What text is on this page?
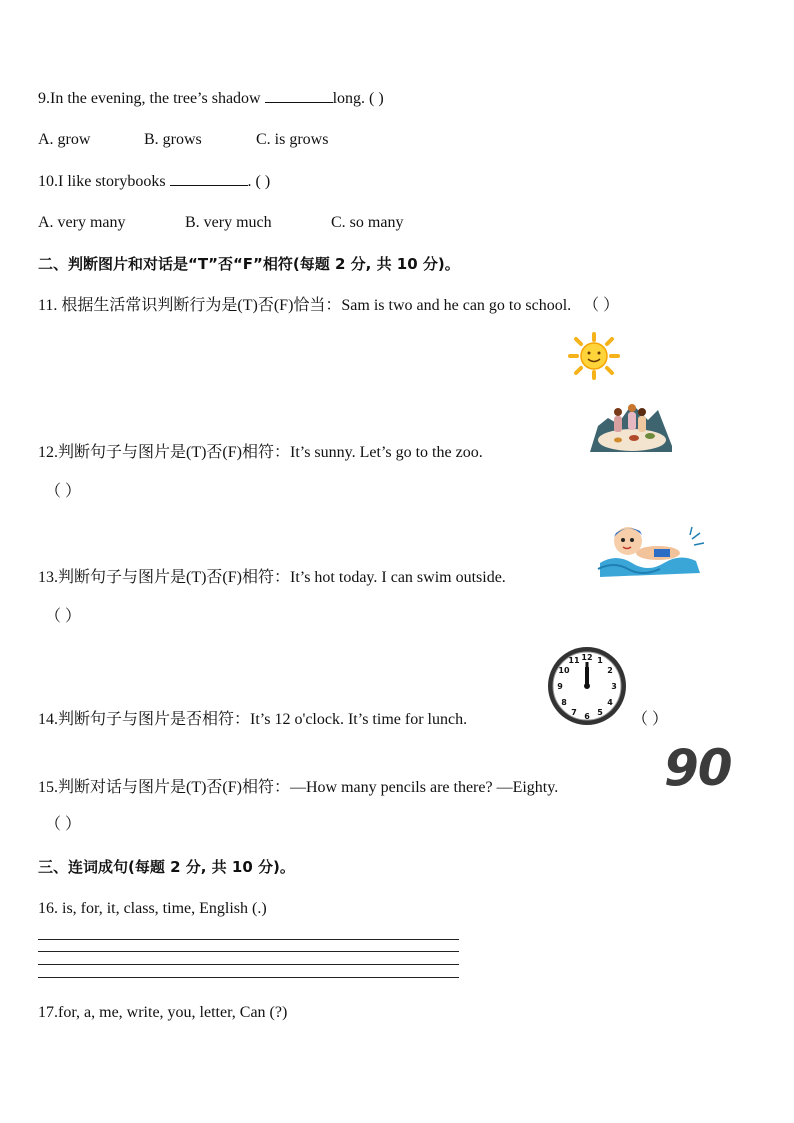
9.In the evening, the tree’s shadow	long. ( )
A. grow	B. grows	C. is grows
10.I like storybooks	. ( )
A. very many	B. very much	C. so many
二、判断图片和对话是“T”否“F”相符(每题 2 分, 共 10 分)。
11. 根据生活常识判断行为是(T)否(F)恰当：Sam is two and he can go to school. （ ）
12.判断句子与图片是(T)否(F)相符：It’s sunny. Let’s go to the zoo.
（ ）
13.判断句子与图片是(T)否(F)相符：It’s hot today. I can swim outside.
（ ）
12 1
2
3
4
5
6
7
8
9
10
11
14.判断句子与图片是否相符：It’s 12 o'clock. It’s time for lunch.	（ ）
90
15.判断对话与图片是(T)否(F)相符：—How many pencils are there? —Eighty.
（ ）
三、连词成句(每题 2 分, 共 10 分)。
16. is, for, it, class, time, English (.)
17.for, a, me, write, you, letter, Can (?)
